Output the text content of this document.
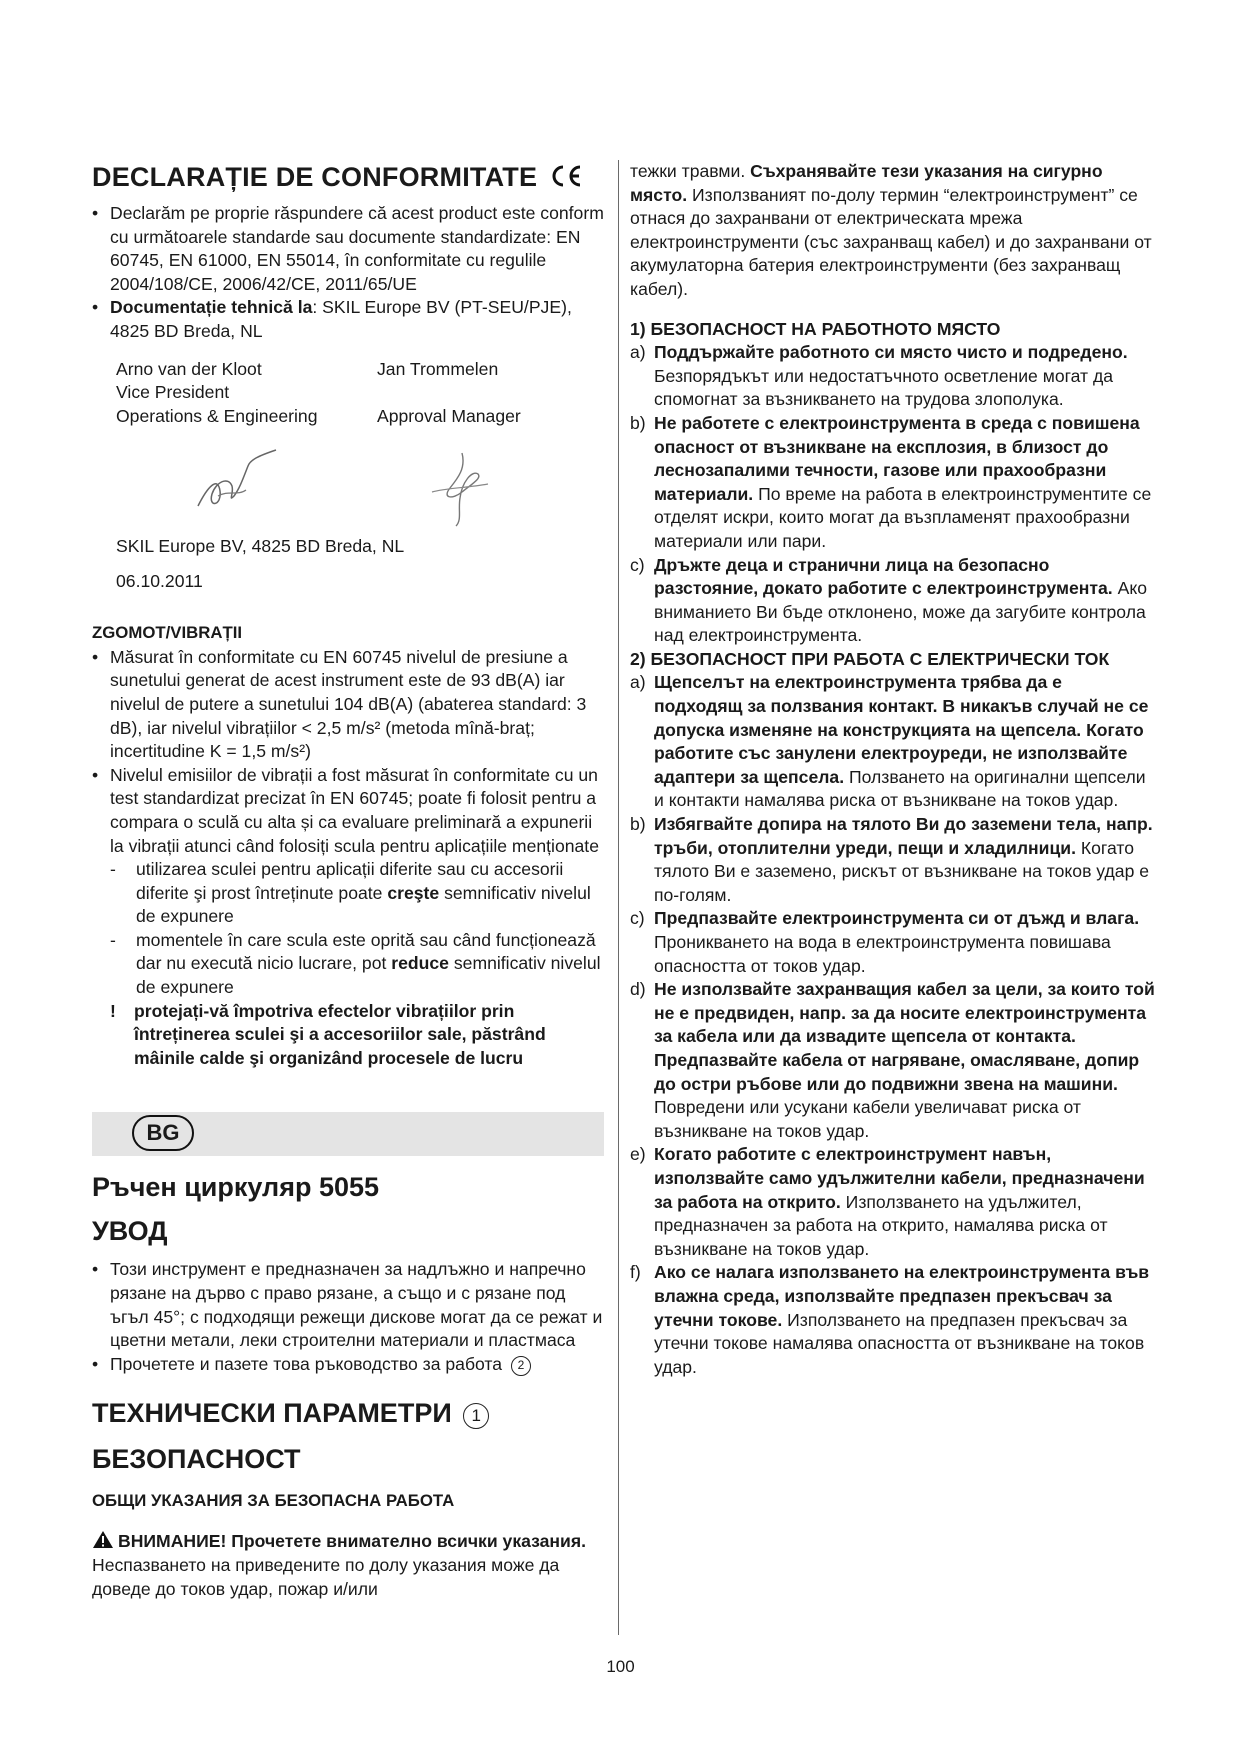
DECLARAȚIE DE CONFORMITATE

• Declarăm pe proprie răspundere că acest product este conform cu următoarele standarde sau documente standardizate: EN 60745, EN 61000, EN 55014, în conformitate cu regulile 2004/108/CE, 2006/42/CE, 2011/65/UE

• Documentație tehnică la: SKIL Europe BV (PT-SEU/PJE), 4825 BD Breda, NL

Arno van der Kloot
Vice President
Operations & Engineering
Jan Trommelen
Approval Manager
SKIL Europe BV, 4825 BD Breda, NL
06.10.2011
ZGOMOT/VIBRAȚII

• Măsurat în conformitate cu EN 60745 nivelul de presiune a sunetului generat de acest instrument este de 93 dB(A) iar nivelul de putere a sunetului 104 dB(A) (abaterea standard: 3 dB), iar nivelul vibrațiilor < 2,5 m/s² (metoda mînă-braț; incertitudine K = 1,5 m/s²)

• Nivelul emisiilor de vibrații a fost măsurat în conformitate cu un test standardizat precizat în EN 60745; poate fi folosit pentru a compara o sculă cu alta și ca evaluare preliminară a expunerii la vibrații atunci când folosiți scula pentru aplicațiile menționate

- utilizarea sculei pentru aplicații diferite sau cu accesorii diferite şi prost întreținute poate creşte semnificativ nivelul de expunere

- momentele în care scula este oprită sau când funcționează dar nu execută nicio lucrare, pot reduce semnificativ nivelul de expunere

! protejați-vă împotriva efectelor vibrațiilor prin întreținerea sculei şi a accesoriilor sale, păstrând mâinile calde şi organizând procesele de lucru

BG
Ръчен циркуляр 5055
УВОД

• Този инструмент е предназначен за надлъжно и напречно рязане на дърво с право рязане, а също и с рязане под ъгъл 45°; с подходящи режещи дискове могат да се режат и цветни метали, леки строителни материали и пластмаса

• Прочетете и пазете това ръководство за работа 2

ТЕХНИЧЕСКИ ПАРАМЕТРИ 1
БЕЗОПАСНОСТ
ОБЩИ УКАЗАНИЯ ЗА БЕЗОПАСНА РАБОТА

ВНИМАНИЕ! Прочетете внимателно всички указания. Неспазването на приведените по долу указания може да доведе до токов удар, пожар и/или

тежки травми. Съхранявайте тези указания на сигурно място. Използваният по-долу термин “електроинструмент” се отнася до захранвани от електрическата мрежа електроинструменти (със захранващ кабел) и до захранвани от акумулаторна батерия електроинструменти (без захранващ кабел).

1) БЕЗОПАСНОСТ НА РАБОТНОТО МЯСТО

a) Поддържайте работното си място чисто и подредено. Безпорядъкът или недостатъчното осветление могат да спомогнат за възникването на трудова злополука.

b) Не работете с електроинструмента в среда с повишена опасност от възникване на експлозия, в близост до леснозапалими течности, газове или прахообразни материали. По време на работа в електроинструментите се отделят искри, които могат да възпламенят прахообразни материали или пари.

c) Дръжте деца и странични лица на безопасно разстояние, докато работите с електроинструмента. Ако вниманието Ви бъде отклонено, може да загубите контрола над електроинструмента.

2) БЕЗОПАСНОСТ ПРИ РАБОТА С ЕЛЕКТРИЧЕСКИ ТОК

a) Щепселът на електроинструмента трябва да е подходящ за ползвания контакт. В никакъв случай не се допуска изменяне на конструкцията на щепсела. Когато работите със занулени електроуреди, не използвайте адаптери за щепсела. Ползването на оригинални щепсели и контакти намалява риска от възникване на токов удар.

b) Избягвайте допира на тялото Ви до заземени тела, напр. тръби, отоплителни уреди, пещи и хладилници. Когато тялото Ви е заземено, рискът от възникване на токов удар е по-голям.

c) Предпазвайте електроинструмента си от дъжд и влага. Проникването на вода в електроинструмента повишава опасността от токов удар.

d) Не използвайте захранващия кабел за цели, за които той не е предвиден, напр. за да носите електроинструмента за кабела или да извадите щепсела от контакта. Предпазвайте кабела от нагряване, омасляване, допир до остри ръбове или до подвижни звена на машини. Повредени или усукани кабели увеличават риска от възникване на токов удар.

e) Когато работите с електроинструмент навън, използвайте само удължителни кабели, предназначени за работа на открито. Използването на удължител, предназначен за работа на открито, намалява риска от възникване на токов удар.

f) Ако се налага използването на електроинструмента във влажна среда, използвайте предпазен прекъсвач за утечни токове. Използването на предпазен прекъсвач за утечни токове намалява опасността от възникване на токов удар.

100
